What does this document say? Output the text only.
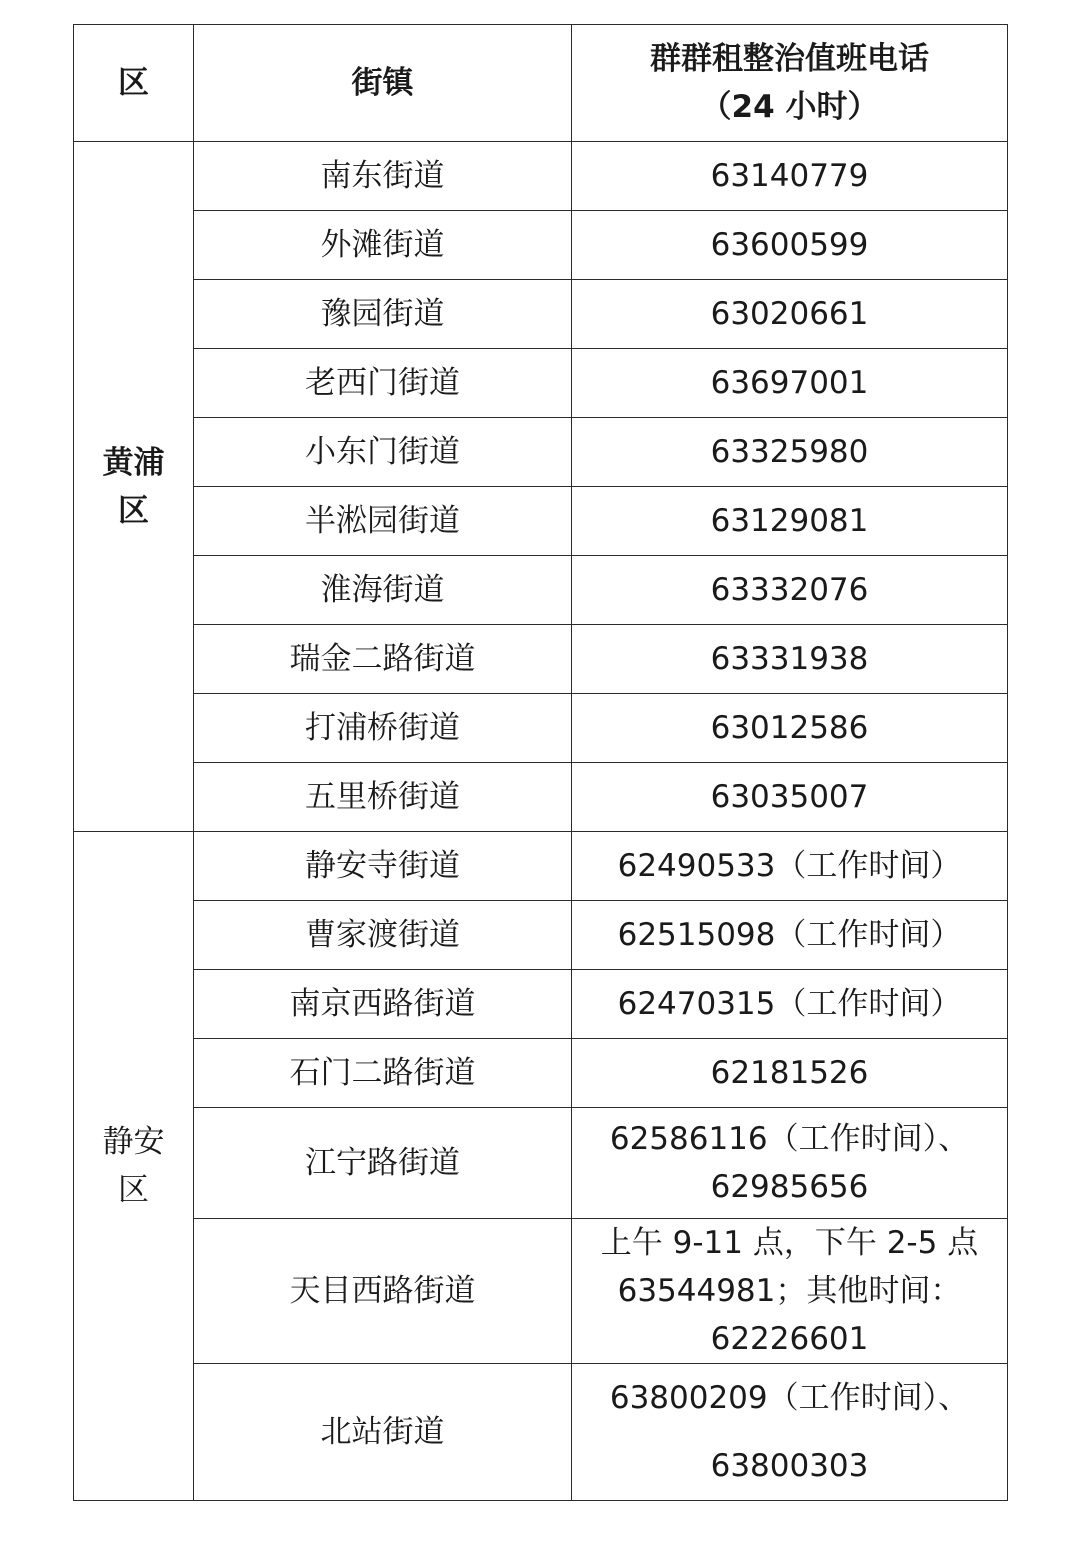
区	街镇	群群租整治值班电话
（24 小时）

黄浦
区	南东街道	63140779
	外滩街道	63600599
	豫园街道	63020661
	老西门街道	63697001
	小东门街道	63325980
	半淞园街道	63129081
	淮海街道	63332076
	瑞金二路街道	63331938
	打浦桥街道	63012586
	五里桥街道	63035007

静安
区	静安寺街道	62490533（工作时间）
	曹家渡街道	62515098（工作时间）
	南京西路街道	62470315（工作时间）
	石门二路街道	62181526
	江宁路街道	62586116（工作时间）、
62985656

	天目西路街道	上午 9-11 点，下午 2-5 点
63544981；其他时间：
62226601

	北站街道	63800209（工作时间）、
63800303
